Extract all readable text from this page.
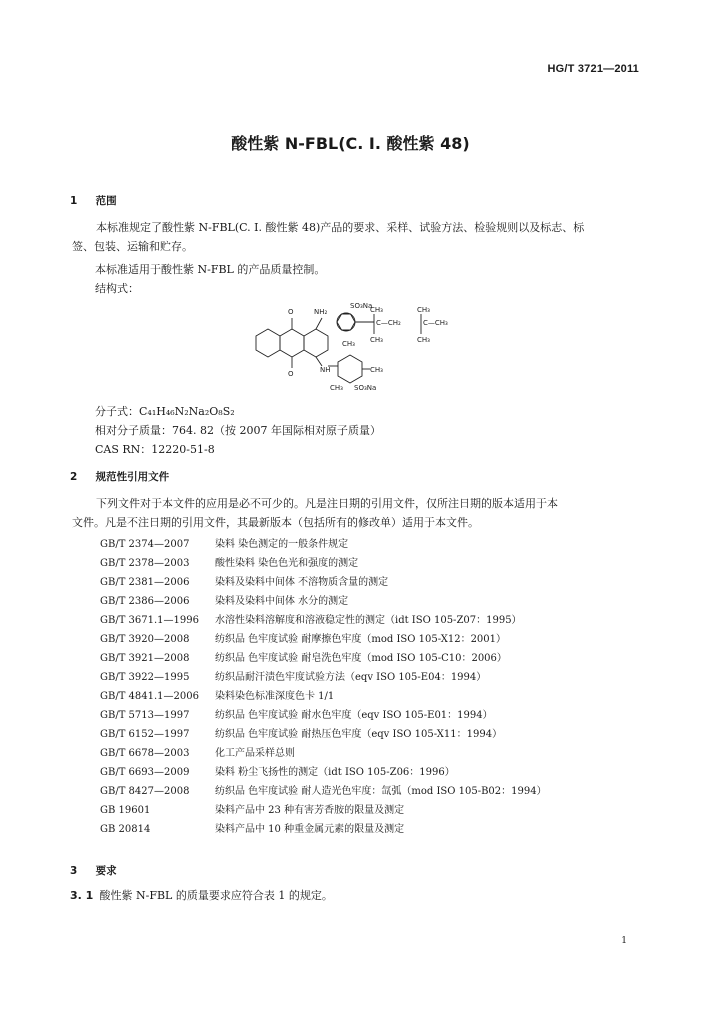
HG/T 3721—2011
酸性紫 N-FBL(C. I. 酸性紫 48)
1 范围
本标准规定了酸性紫 N-FBL(C. I. 酸性紫 48)产品的要求、采样、试验方法、检验规则以及标志、标
签、包装、运输和贮存。
本标准适用于酸性紫 N-FBL 的产品质量控制。
结构式：
O	NH₂
SO₃Na
CH₃	CH₃
C—CH₂	C—CH₃
CH₃	CH₃
O	NH
CH₃
CH₃
CH₃ SO₃Na
分子式：C₄₁H₄₆N₂Na₂O₈S₂
相对分子质量：764. 82（按 2007 年国际相对原子质量）
CAS RN：12220-51-8
2 规范性引用文件
下列文件对于本文件的应用是必不可少的。凡是注日期的引用文件，仅所注日期的版本适用于本
文件。凡是不注日期的引用文件，其最新版本（包括所有的修改单）适用于本文件。
GB/T 2374—2007	染料 染色测定的一般条件规定
GB/T 2378—2003	酸性染料 染色色光和强度的测定
GB/T 2381—2006	染料及染料中间体 不溶物质含量的测定
GB/T 2386—2006	染料及染料中间体 水分的测定
GB/T 3671.1—1996 水溶性染料溶解度和溶液稳定性的测定（idt ISO 105-Z07：1995）
GB/T 3920—2008	纺织品 色牢度试验 耐摩擦色牢度（mod ISO 105-X12：2001）
GB/T 3921—2008	纺织品 色牢度试验 耐皂洗色牢度（mod ISO 105-C10：2006）
GB/T 3922—1995	纺织品耐汗渍色牢度试验方法（eqv ISO 105-E04：1994）
GB/T 4841.1—2006 染料染色标准深度色卡 1/1
GB/T 5713—1997	纺织品 色牢度试验 耐水色牢度（eqv ISO 105-E01：1994）
GB/T 6152—1997	纺织品 色牢度试验 耐热压色牢度（eqv ISO 105-X11：1994）
GB/T 6678—2003	化工产品采样总则
GB/T 6693—2009	染料 粉尘飞扬性的测定（idt ISO 105-Z06：1996）
GB/T 8427—2008	纺织品 色牢度试验 耐人造光色牢度：氙弧（mod ISO 105-B02：1994）
GB 19601	染料产品中 23 种有害芳香胺的限量及测定
GB 20814	染料产品中 10 种重金属元素的限量及测定
3 要求
3. 1 酸性紫 N-FBL 的质量要求应符合表 1 的规定。
1
